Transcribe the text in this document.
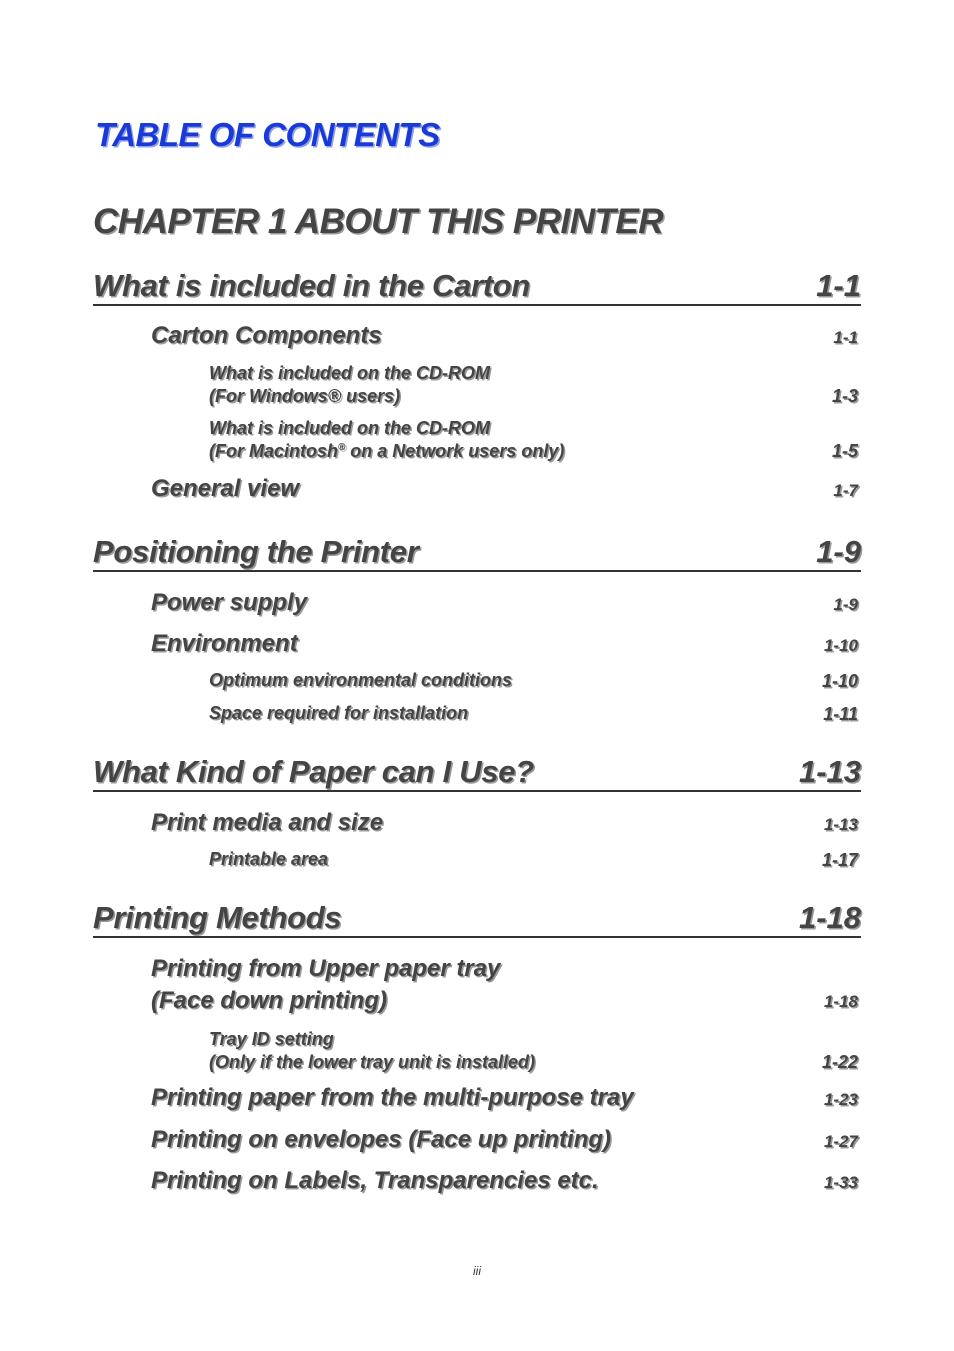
TABLE OF CONTENTS
CHAPTER 1 ABOUT THIS PRINTER
What is included in the Carton	1-1
Carton Components	1-1
What is included on the CD-ROM
(For Windows® users)	1-3
What is included on the CD-ROM
(For Macintosh® on a Network users only)	1-5
General view	1-7
Positioning the Printer	1-9
Power supply	1-9
Environment	1-10
Optimum environmental conditions	1-10
Space required for installation	1-11
What Kind of Paper can I Use?	1-13
Print media and size	1-13
Printable area	1-17
Printing Methods	1-18
Printing from Upper paper tray
(Face down printing)	1-18
Tray ID setting
(Only if the lower tray unit is installed)	1-22
Printing paper from the multi-purpose tray	1-23
Printing on envelopes (Face up printing)	1-27
Printing on Labels, Transparencies etc.	1-33
iii
